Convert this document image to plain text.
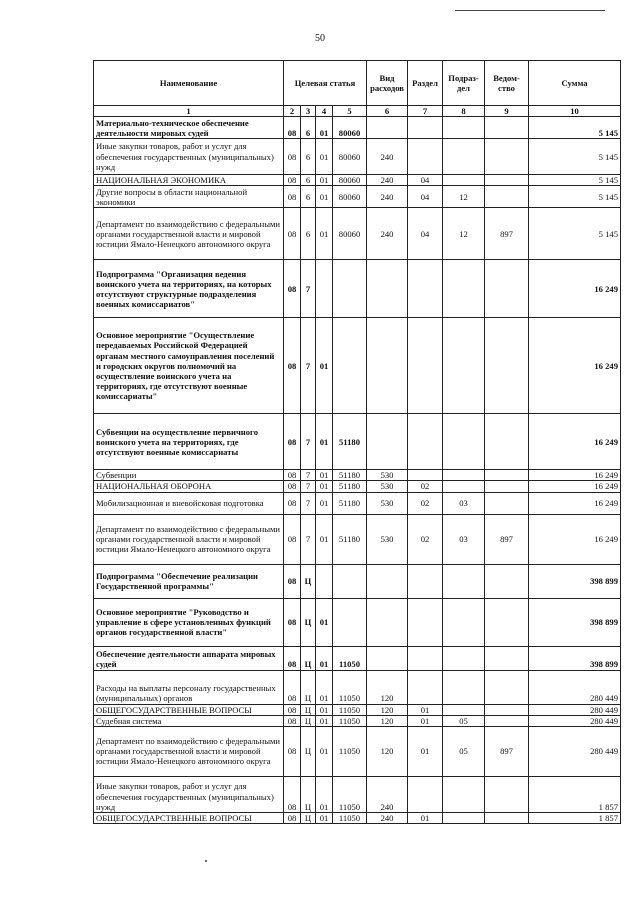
50
Наименование	Целевая статья				Вид расходов	Раздел	Подраз-дел	Ведом-ство	Сумма
1	2	3	4	5	6	7	8	9	10
Материально-техническое обеспечение деятельности мировых судей	08	6	01	80060					5 145
Иные закупки товаров, работ и услуг для обеспечения государственных (муниципальных) нужд	08	6	01	80060	240				5 145
НАЦИОНАЛЬНАЯ ЭКОНОМИКА	08	6	01	80060	240	04			5 145
Другие вопросы в области национальной экономики	08	6	01	80060	240	04	12		5 145
Департамент по взаимодействию с федеральными органами государственной власти и мировой юстиции Ямало-Ненецкого автономного округа	08	6	01	80060	240	04	12	897	5 145
Подпрограмма "Организация ведения воинского учета на территориях, на которых отсутствуют структурные подразделения военных комиссариатов"	08	7							16 249
Основное мероприятие "Осуществление передаваемых Российской Федерацией органам местного самоуправления поселений и городских округов полномочий на осуществление воинского учета на территориях, где отсутствуют военные комиссариаты"	08	7	01						16 249
Субвенции на осуществление первичного воинского учета на территориях, где отсутствуют военные комиссариаты	08	7	01	51180					16 249
Субвенции	08	7	01	51180	530				16 249
НАЦИОНАЛЬНАЯ ОБОРОНА	08	7	01	51180	530	02			16 249
Мобилизационная и вневойсковая подготовка	08	7	01	51180	530	02	03		16 249
Департамент по взаимодействию с федеральными органами государственной власти и мировой юстиции Ямало-Ненецкого автономного округа	08	7	01	51180	530	02	03	897	16 249
Подпрограмма "Обеспечение реализации Государственной программы"	08	Ц							398 899
Основное мероприятие "Руководство и управление в сфере установленных функций органов государственной власти"	08	Ц	01						398 899
Обеспечение деятельности аппарата мировых судей	08	Ц	01	11050					398 899
Расходы на выплаты персоналу государственных (муниципальных) органов	08	Ц	01	11050	120				280 449
ОБЩЕГОСУДАРСТВЕННЫЕ ВОПРОСЫ	08	Ц	01	11050	120	01			280 449
Судебная система	08	Ц	01	11050	120	01	05		280 449
Департамент по взаимодействию с федеральными органами государственной власти и мировой юстиции Ямало-Ненецкого автономного округа	08	Ц	01	11050	120	01	05	897	280 449
Иные закупки товаров, работ и услуг для обеспечения государственных (муниципальных) нужд	08	Ц	01	11050	240				1 857
ОБЩЕГОСУДАРСТВЕННЫЕ ВОПРОСЫ	08	Ц	01	11050	240	01			1 857
